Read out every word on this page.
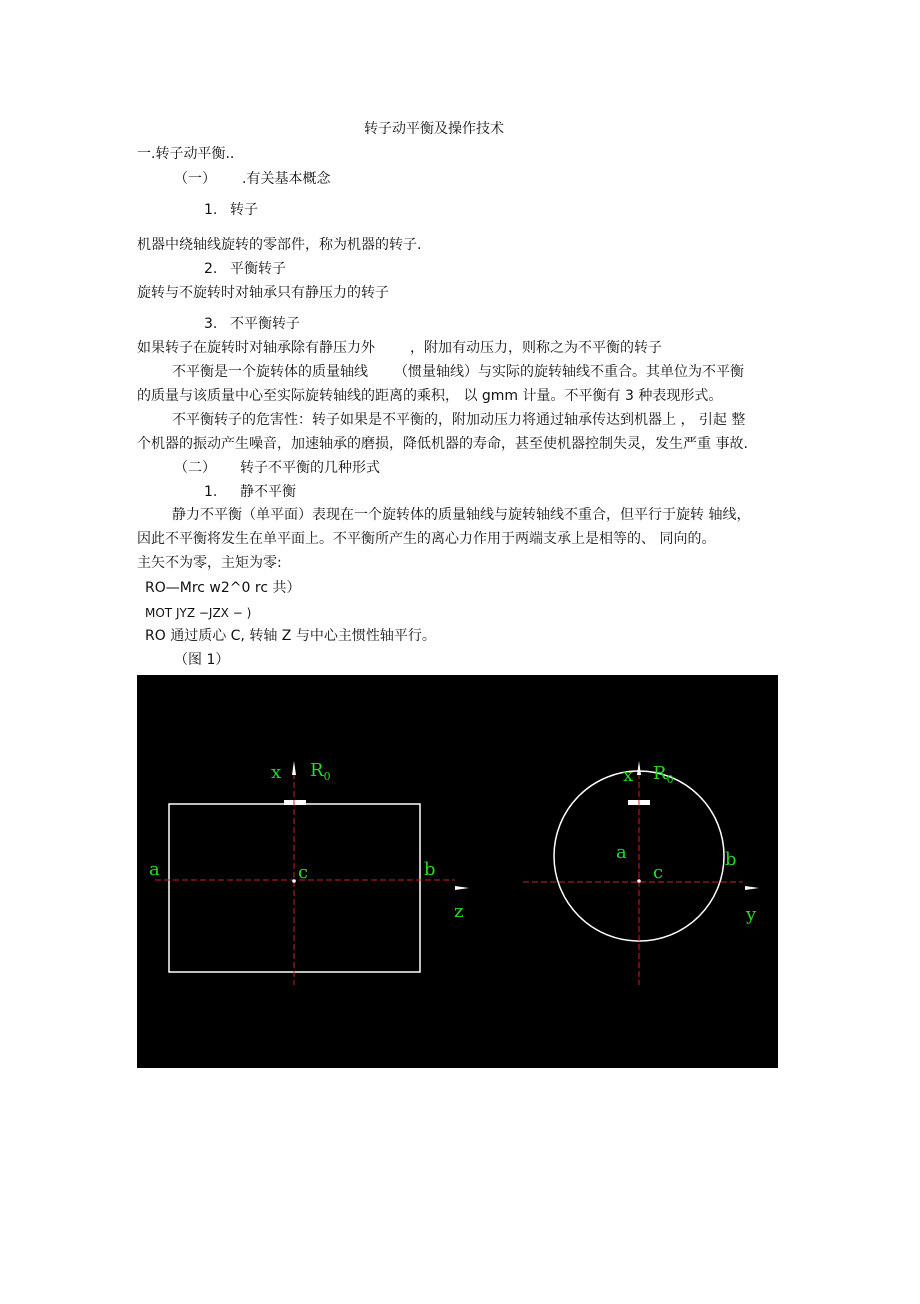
转子动平衡及操作技术
一.转子动平衡..
（一） .有关基本概念
1. 转子
机器中绕轴线旋转的零部件，称为机器的转子.
2. 平衡转子
旋转与不旋转时对轴承只有静压力的转子
3. 不平衡转子
如果转子在旋转时对轴承除有静压力外	，附加有动压力，则称之为不平衡的转子
不平衡是一个旋转体的质量轴线 （惯量轴线）与实际的旋转轴线不重合。其单位为不平衡
的质量与该质量中心至实际旋转轴线的距离的乘积， 以 gmm 计量。不平衡有 3 种表现形式。
不平衡转子的危害性：转子如果是不平衡的，附加动压力将通过轴承传达到机器上 ， 引起 整
个机器的振动产生噪音，加速轴承的磨损，降低机器的寿命，甚至使机器控制失灵，发生严重 事故.
（二） 转子不平衡的几种形式
1. 静不平衡
静力不平衡（单平面）表现在一个旋转体的质量轴线与旋转轴线不重合，但平行于旋转 轴线，
因此不平衡将发生在单平面上。不平衡所产生的离心力作用于两端支承上是相等的、 同向的。
主矢不为零，主矩为零:
RO—Mrc w2^0 rc 共）
MOT JYZ −JZX − )
RO 通过质心 C, 转轴 Z 与中心主惯性轴平行。
（图 1）
x $R_0$
a	c	b
z
x $R_0$
a
c
b
y
